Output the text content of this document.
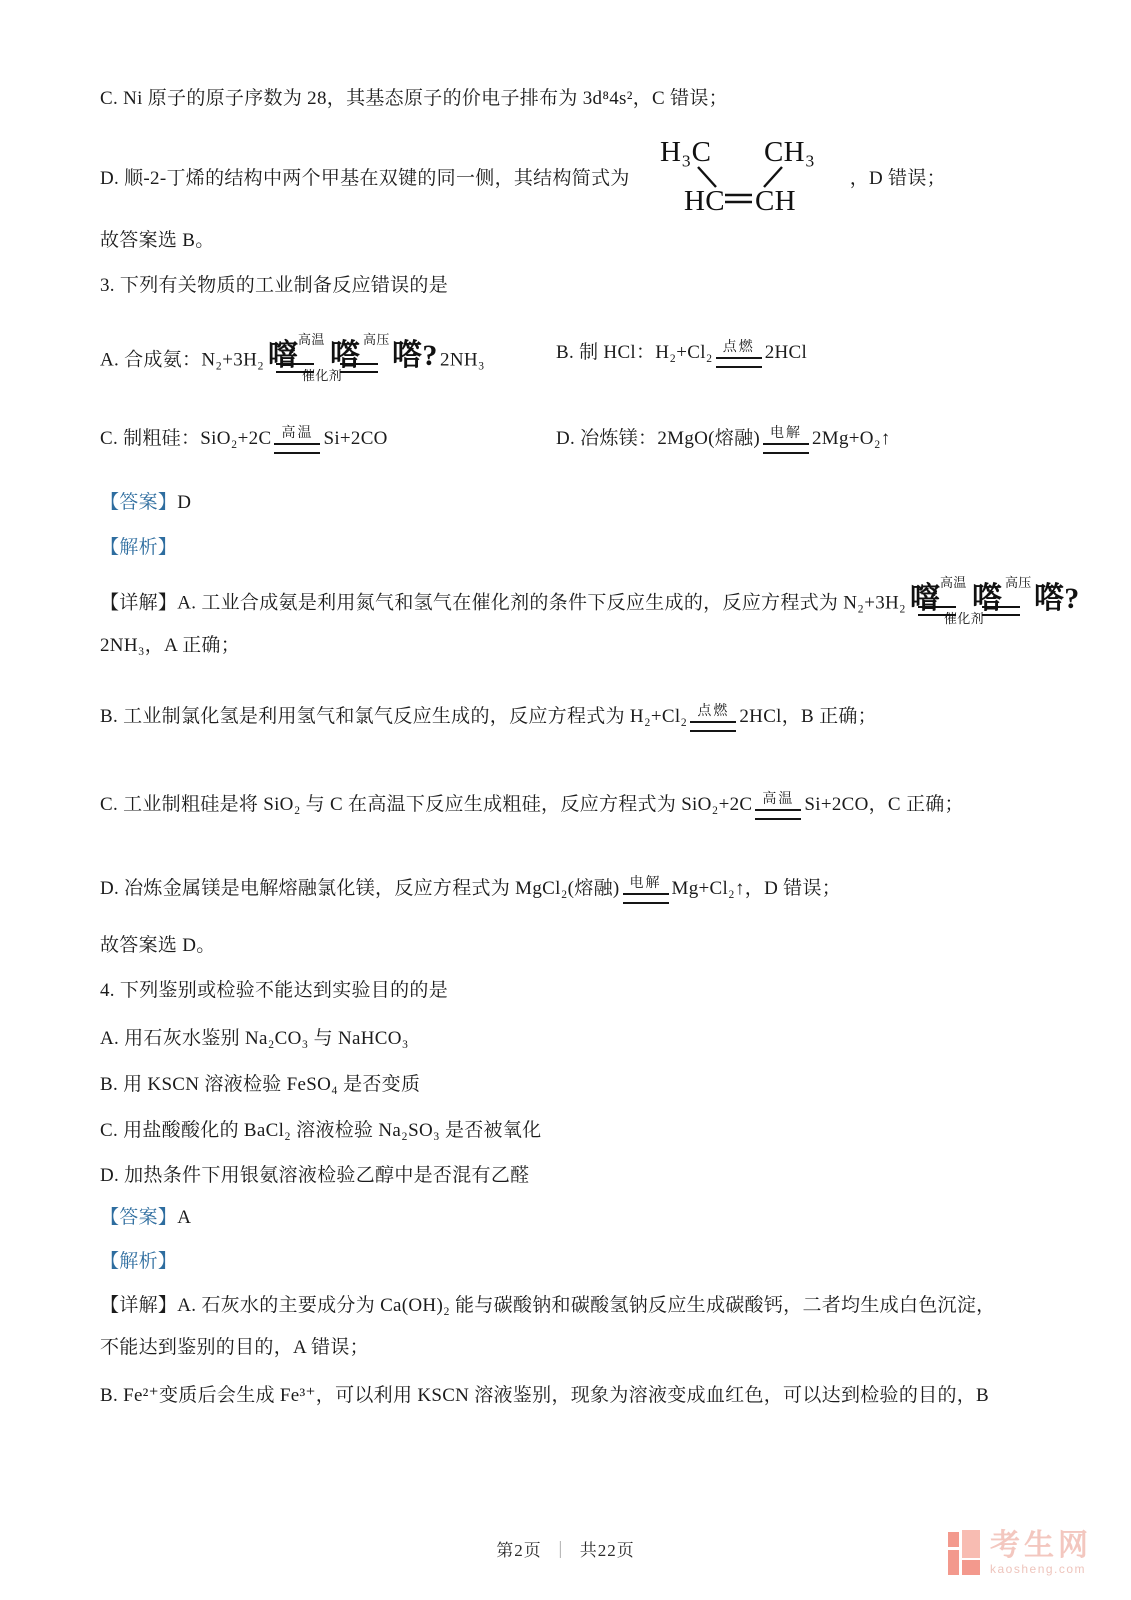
C. Ni 原子的原子序数为 28，其基态原子的价电子排布为 3d⁸4s²，C 错误；
D. 顺-2-丁烯的结构中两个甲基在双键的同一侧，其结构简式为
H₃C CH₃
HC CH
，D 错误；
故答案选 B。
3. 下列有关物质的工业制备反应错误的是
A. 合成氨：N₂+3H₂ 噾 高温 㗳 高压 㗳?
催化剂
2NH₃	B. 制 HCl：H₂+Cl₂ 点燃 2HCl
C. 制粗硅：SiO₂+2C 高温 Si+2CO	D. 冶炼镁：2MgO(熔融) 电解 2Mg+O₂↑
【答案】D
【解析】
【详解】A. 工业合成氨是利用氮气和氢气在催化剂的条件下反应生成的，反应方程式为 N₂+3H₂ 噾 高温 㗳 高压 㗳?
催化剂
2NH₃，A 正确；
B. 工业制氯化氢是利用氢气和氯气反应生成的，反应方程式为 H₂+Cl₂ 点燃 2HCl，B 正确；
C. 工业制粗硅是将 SiO₂ 与 C 在高温下反应生成粗硅，反应方程式为 SiO₂+2C 高温 Si+2CO，C 正确；
D. 冶炼金属镁是电解熔融氯化镁，反应方程式为 MgCl₂(熔融) 电解 Mg+Cl₂↑，D 错误；
故答案选 D。
4. 下列鉴别或检验不能达到实验目的的是
A. 用石灰水鉴别 Na₂CO₃ 与 NaHCO₃
B. 用 KSCN 溶液检验 FeSO₄ 是否变质
C. 用盐酸酸化的 BaCl₂ 溶液检验 Na₂SO₃ 是否被氧化
D. 加热条件下用银氨溶液检验乙醇中是否混有乙醛
【答案】A
【解析】
【详解】A. 石灰水的主要成分为 Ca(OH)₂ 能与碳酸钠和碳酸氢钠反应生成碳酸钙，二者均生成白色沉淀，
不能达到鉴别的目的，A 错误；
B. Fe²⁺变质后会生成 Fe³⁺，可以利用 KSCN 溶液鉴别，现象为溶液变成血红色，可以达到检验的目的，B
第2页 ｜ 共22页	考生网
kaosheng.com
